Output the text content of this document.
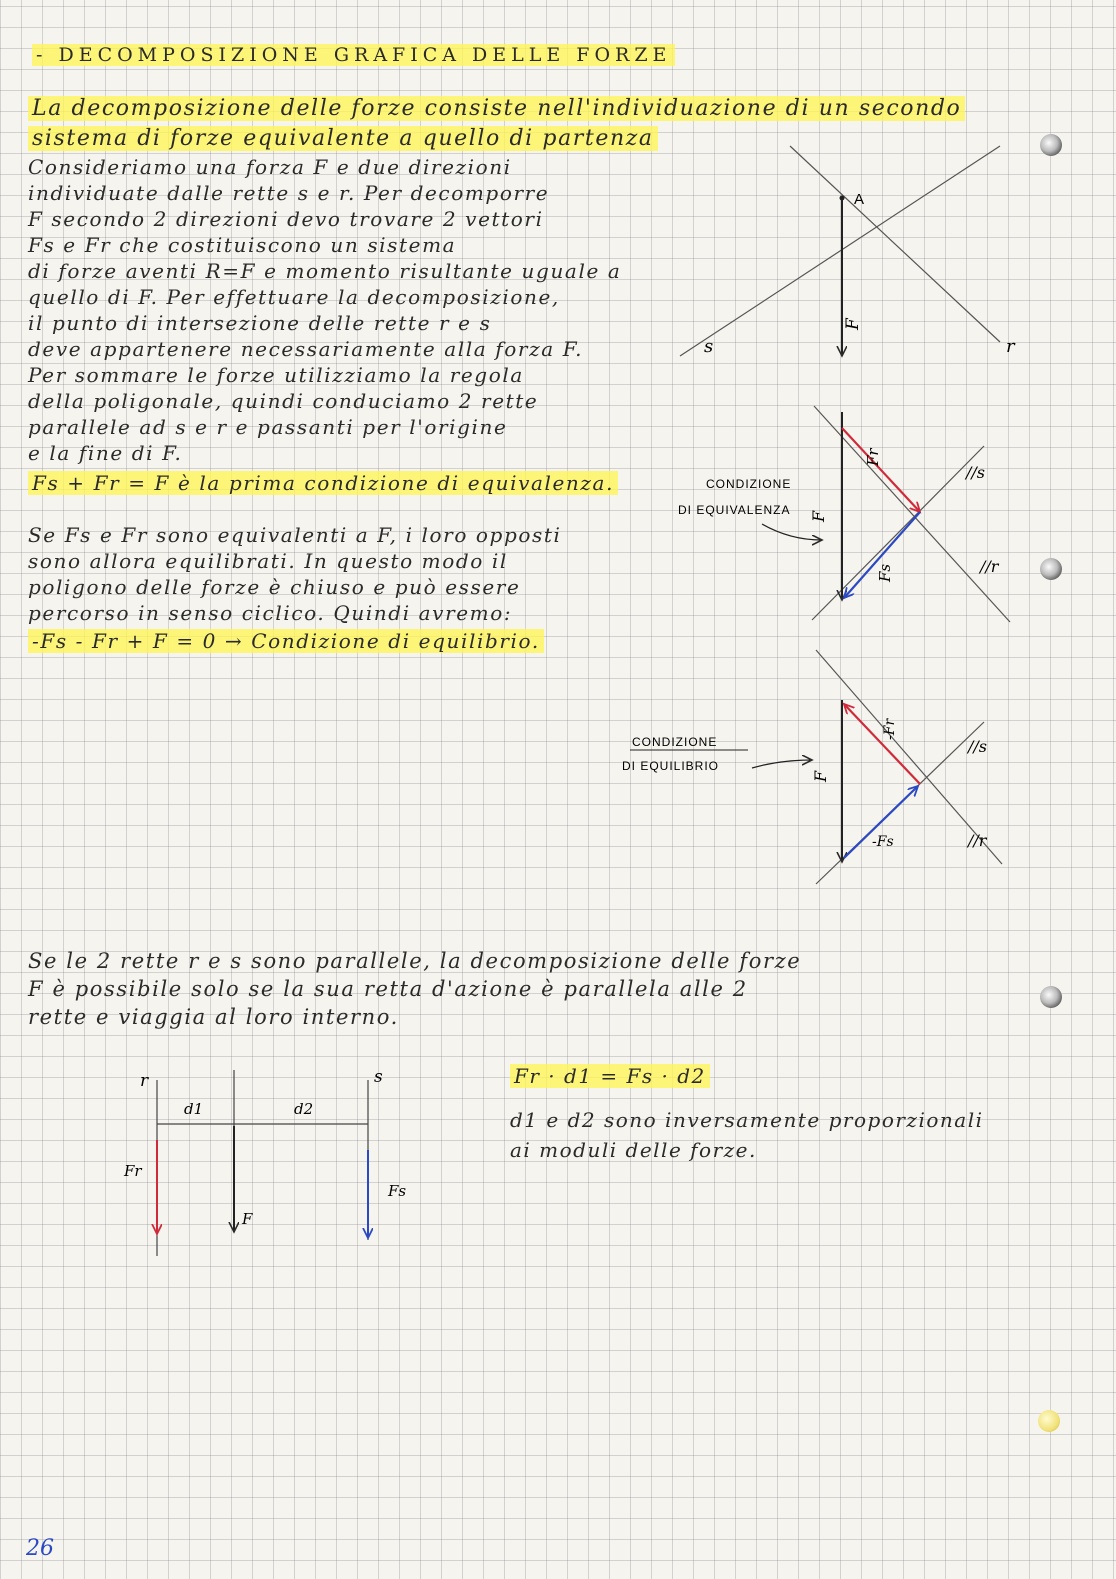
- DECOMPOSIZIONE GRAFICA DELLE FORZE
La decomposizione delle forze consiste nell'individuazione di un secondo
sistema di forze equivalente a quello di partenza
Consideriamo una forza F e due direzioni
individuate dalle rette s e r. Per decomporre
F secondo 2 direzioni devo trovare 2 vettori
Fs e Fr che costituiscono un sistema
di forze aventi R=F e momento risultante uguale a
quello di F. Per effettuare la decomposizione,
il punto di intersezione delle rette r e s
deve appartenere necessariamente alla forza F.
Per sommare le forze utilizziamo la regola
della poligonale, quindi conduciamo 2 rette
parallele ad s e r e passanti per l'origine
e la fine di F.
Fs + Fr = F è la prima condizione di equivalenza.
Se Fs e Fr sono equivalenti a F, i loro opposti
sono allora equilibrati. In questo modo il
poligono delle forze è chiuso e può essere
percorso in senso ciclico. Quindi avremo:
-Fs - Fr + F = 0 → Condizione di equilibrio.
Se le 2 rette r e s sono parallele, la decomposizione delle forze
F è possibile solo se la sua retta d'azione è parallela alle 2
rette e viaggia al loro interno.
Fr · d1 = Fs · d2
d1 e d2 sono inversamente proporzionali
ai moduli delle forze.
A
F
s	r
Fr
Fs
//s
//r
CONDIZIONE
DI EQUIVALENZA F
-Fr
-Fs
//s
//r
CONDIZIONE
DI EQUILIBRIO
F
r	s
d1	d2
Fr
F
Fs
26
